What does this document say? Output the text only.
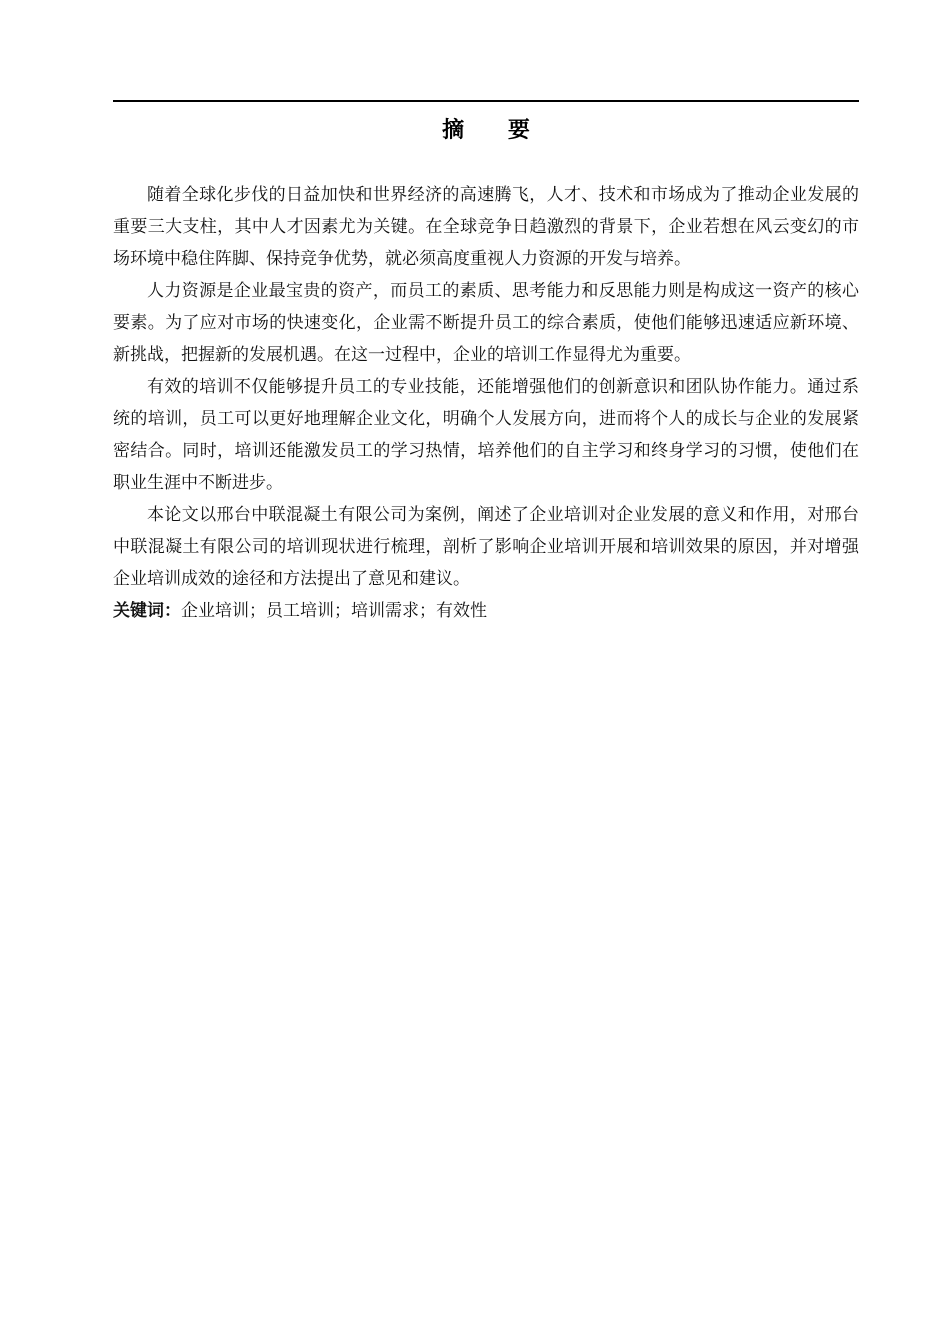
摘 要

随着全球化步伐的日益加快和世界经济的高速腾飞，人才、技术和市场成为了推动企业发展的重要三大支柱，其中人才因素尤为关键。在全球竞争日趋激烈的背景下，企业若想在风云变幻的市场环境中稳住阵脚、保持竞争优势，就必须高度重视人力资源的开发与培养。

人力资源是企业最宝贵的资产，而员工的素质、思考能力和反思能力则是构成这一资产的核心要素。为了应对市场的快速变化，企业需不断提升员工的综合素质，使他们能够迅速适应新环境、新挑战，把握新的发展机遇。在这一过程中，企业的培训工作显得尤为重要。

有效的培训不仅能够提升员工的专业技能，还能增强他们的创新意识和团队协作能力。通过系统的培训，员工可以更好地理解企业文化，明确个人发展方向，进而将个人的成长与企业的发展紧密结合。同时，培训还能激发员工的学习热情，培养他们的自主学习和终身学习的习惯，使他们在职业生涯中不断进步。

本论文以邢台中联混凝土有限公司为案例，阐述了企业培训对企业发展的意义和作用，对邢台中联混凝土有限公司的培训现状进行梳理，剖析了影响企业培训开展和培训效果的原因，并对增强企业培训成效的途径和方法提出了意见和建议。

关键词：企业培训；员工培训；培训需求；有效性
